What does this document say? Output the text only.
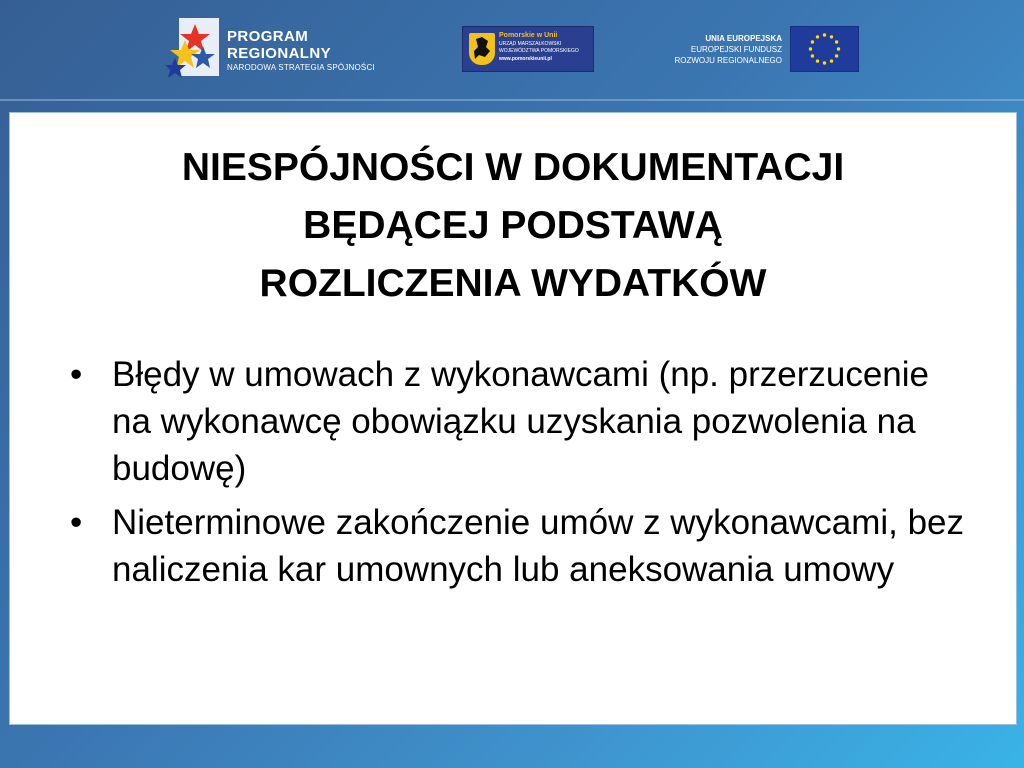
PROGRAM
REGIONALNY
NARODOWA STRATEGIA SPÓJNOŚCI
Pomorskie w Unii
URZĄD MARSZAŁKOWSKI
WOJEWÓDZTWA POMORSKIEGO
www.pomorskieunii.pl
UNIA EUROPEJSKA
EUROPEJSKI FUNDUSZ
ROZWOJU REGIONALNEGO
NIESPÓJNOŚCI W DOKUMENTACJI
BĘDĄCEJ PODSTAWĄ
ROZLICZENIA WYDATKÓW
• Błędy w umowach z wykonawcami (np. przerzucenie na wykonawcę obowiązku uzyskania pozwolenia na budowę)
• Nieterminowe zakończenie umów z wykonawcami, bez naliczenia kar umownych lub aneksowania umowy
